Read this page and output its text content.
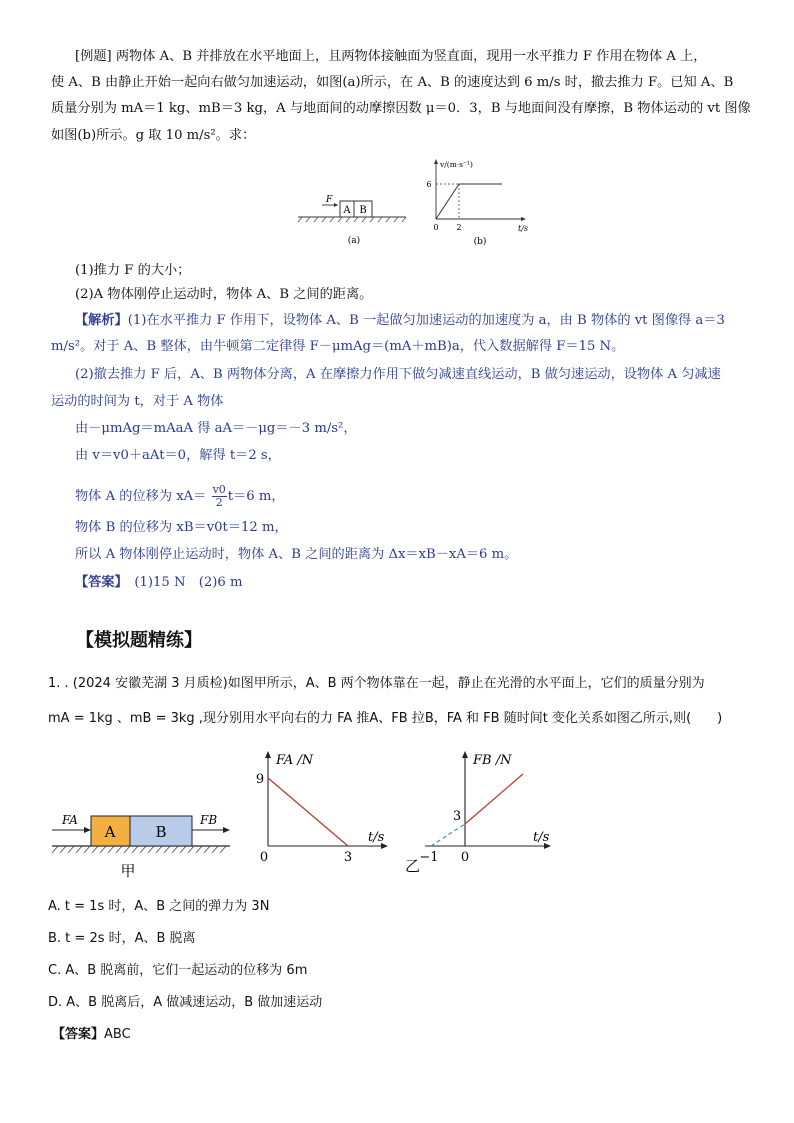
[例题] 两物体 A、B 并排放在水平地面上，且两物体接触面为竖直面，现用一水平推力 F 作用在物体 A 上，
使 A、B 由静止开始一起向右做匀加速运动，如图(a)所示，在 A、B 的速度达到 6 m/s 时，撤去推力 F。已知 A、B
质量分别为 mA＝1 kg、mB＝3 kg，A 与地面间的动摩擦因数 μ＝0．3，B 与地面间没有摩擦，B 物体运动的 vt 图像
如图(b)所示。g 取 10 m/s²。求：
A B
F
(a)
v/(m·s⁻¹)
6
0 2	t/s
(b)
(1)推力 F 的大小；
(2)A 物体刚停止运动时，物体 A、B 之间的距离。
【解析】(1)在水平推力 F 作用下，设物体 A、B 一起做匀加速运动的加速度为 a，由 B 物体的 vt 图像得 a＝3
m/s²。对于 A、B 整体，由牛顿第二定律得 F－μmAg＝(mA＋mB)a，代入数据解得 F＝15 N。
(2)撤去推力 F 后，A、B 两物体分离，A 在摩擦力作用下做匀减速直线运动，B 做匀速运动，设物体 A 匀减速
运动的时间为 t，对于 A 物体
由－μmAg＝mAaA 得 aA＝－μg＝－3 m/s²，
由 v＝v0＋aAt＝0，解得 t＝2 s，
物体 A 的位移为 $xA= \frac{v0}{2} t=6$ m，
物体 B 的位移为 xB＝v0t＝12 m，
所以 A 物体刚停止运动时，物体 A、B 之间的距离为 Δx＝xB－xA＝6 m。
【答案】　 (1)15 N　(2)6 m
【模拟题精练】
1. . (2024 安徽芜湖 3 月质检)如图甲所示，A、B 两个物体靠在一起，静止在光滑的水平面上，它们的质量分别为
mA = 1kg 、mB = 3kg ,现分别用水平向右的力 FA 推A、FB 拉B，FA 和 FB 随时间t 变化关系如图乙所示,则(　　)
A	B
FA	FB
甲
FA /N
9
0	3
t/s
FB /N
3
−1 0
t/s
乙
A. t = 1s 时，A、B 之间的弹力为 3N
B. t = 2s 时，A、B 脱离
C. A、B 脱离前，它们一起运动的位移为 6m
D. A、B 脱离后，A 做减速运动，B 做加速运动
【答案】ABC
